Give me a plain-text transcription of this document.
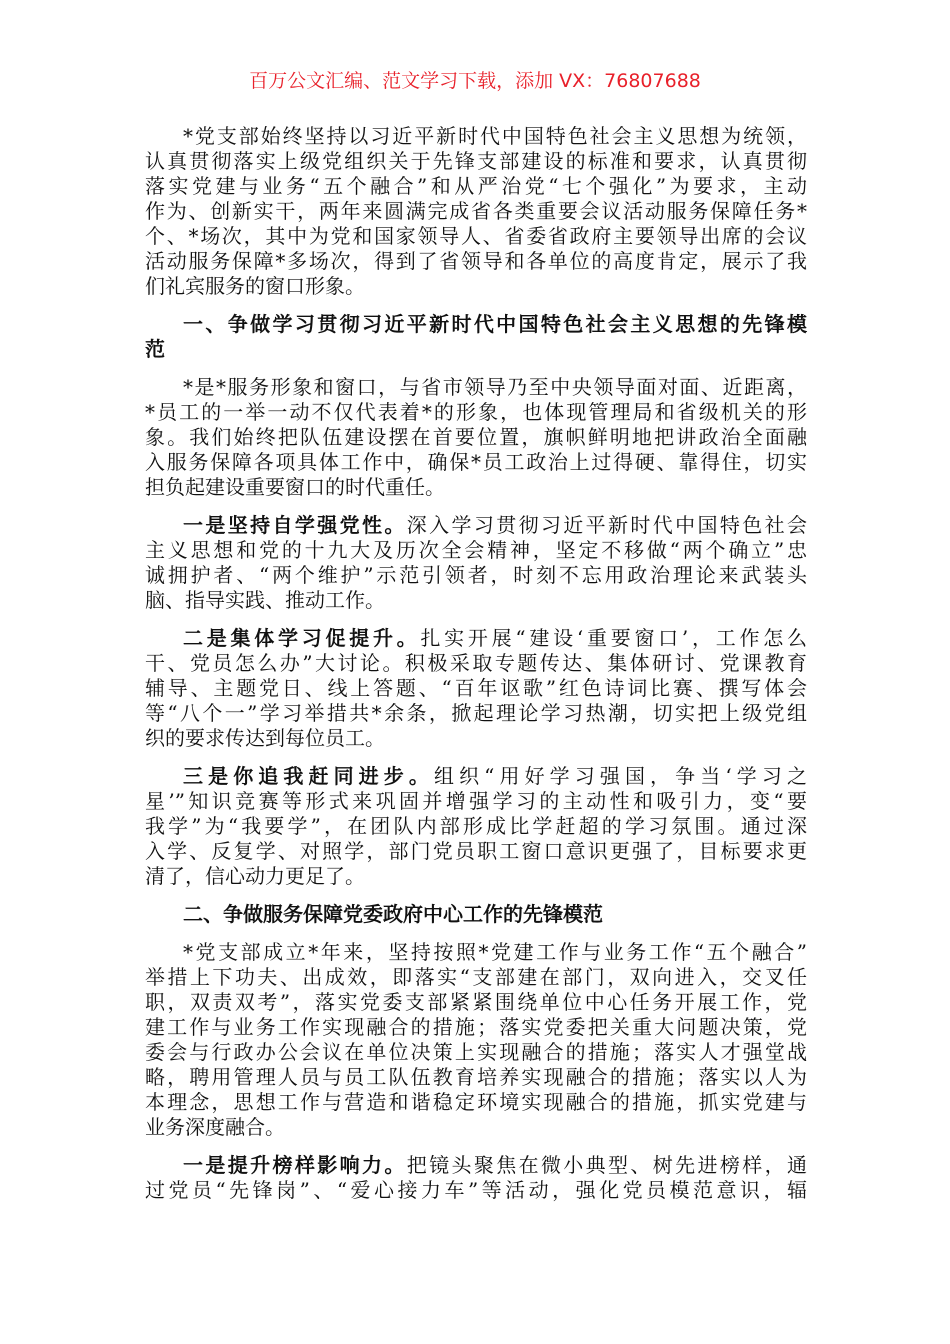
百万公文汇编、范文学习下载，添加 VX：76807688
*党支部始终坚持以习近平新时代中国特色社会主义思想为统领，
认真贯彻落实上级党组织关于先锋支部建设的标准和要求，认真贯彻
落实党建与业务“五个融合”和从严治党“七个强化”为要求，主动
作为、创新实干，两年来圆满完成省各类重要会议活动服务保障任务*
个、*场次，其中为党和国家领导人、省委省政府主要领导出席的会议
活动服务保障*多场次，得到了省领导和各单位的高度肯定，展示了我
们礼宾服务的窗口形象。
一、争做学习贯彻习近平新时代中国特色社会主义思想的先锋模
范
*是*服务形象和窗口，与省市领导乃至中央领导面对面、近距离，
*员工的一举一动不仅代表着*的形象，也体现管理局和省级机关的形
象。我们始终把队伍建设摆在首要位置，旗帜鲜明地把讲政治全面融
入服务保障各项具体工作中，确保*员工政治上过得硬、靠得住，切实
担负起建设重要窗口的时代重任。
一是坚持自学强党性。深入学习贯彻习近平新时代中国特色社会
主义思想和党的十九大及历次全会精神，坚定不移做“两个确立”忠
诚拥护者、“两个维护”示范引领者，时刻不忘用政治理论来武装头
脑、指导实践、推动工作。
二是集体学习促提升。扎实开展“建设‘重要窗口’，工作怎么
干、党员怎么办”大讨论。积极采取专题传达、集体研讨、党课教育
辅导、主题党日、线上答题、“百年讴歌”红色诗词比赛、撰写体会
等“八个一”学习举措共*余条，掀起理论学习热潮，切实把上级党组
织的要求传达到每位员工。
三是你追我赶同进步。组织“用好学习强国，争当‘学习之
星’”知识竞赛等形式来巩固并增强学习的主动性和吸引力，变“要
我学”为“我要学”，在团队内部形成比学赶超的学习氛围。通过深
入学、反复学、对照学，部门党员职工窗口意识更强了，目标要求更
清了，信心动力更足了。
二、争做服务保障党委政府中心工作的先锋模范
*党支部成立*年来，坚持按照*党建工作与业务工作“五个融合”
举措上下功夫、出成效，即落实“支部建在部门，双向进入，交叉任
职，双责双考”，落实党委支部紧紧围绕单位中心任务开展工作，党
建工作与业务工作实现融合的措施；落实党委把关重大问题决策，党
委会与行政办公会议在单位决策上实现融合的措施；落实人才强堂战
略，聘用管理人员与员工队伍教育培养实现融合的措施；落实以人为
本理念，思想工作与营造和谐稳定环境实现融合的措施，抓实党建与
业务深度融合。
一是提升榜样影响力。把镜头聚焦在微小典型、树先进榜样，通
过党员“先锋岗”、“爱心接力车”等活动，强化党员模范意识，辐
